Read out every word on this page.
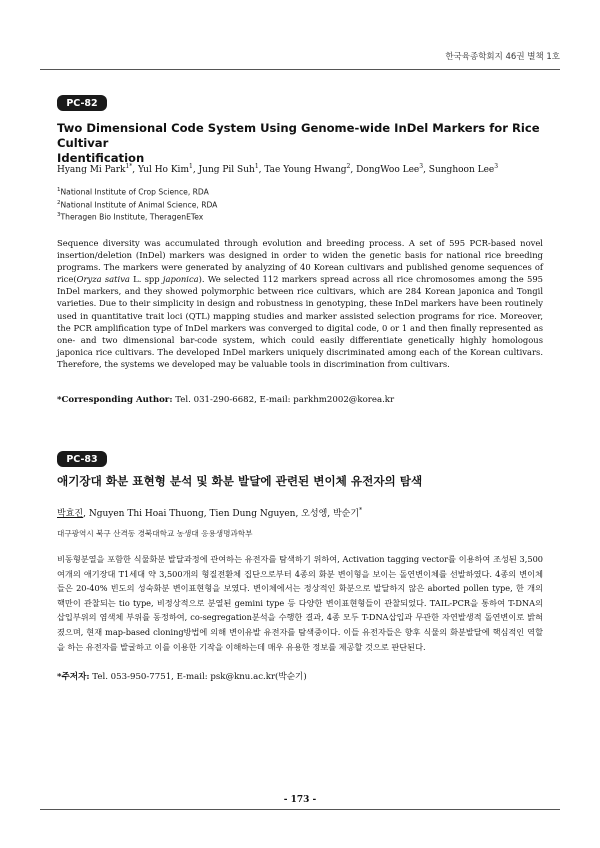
한국육종학회지 46권 별책 1호
PC-82
Two Dimensional Code System Using Genome-wide InDel Markers for Rice Cultivar
Identification
Hyang Mi Park$^{1*}$, Yul Ho Kim$^1$, Jung Pil Suh$^1$, Tae Young Hwang$^2$, DongWoo Lee$^3$, Sunghoon Lee$^3$
$^1$National Institute of Crop Science, RDA
$^2$National Institute of Animal Science, RDA
$^3$Theragen Bio Institute, TheragenETex
Sequence diversity was accumulated through evolution and breeding process. A set of 595 PCR-based novel insertion/deletion (InDel) markers was designed in order to widen the genetic basis for national rice breeding programs. The markers were generated by analyzing of 40 Korean cultivars and published genome sequences of rice(Oryza sativa L. spp japonica). We selected 112 markers spread across all rice chromosomes among the 595 InDel markers, and they showed polymorphic between rice cultivars, which are 284 Korean japonica and Tongil varieties. Due to their simplicity in design and robustness in genotyping, these InDel markers have been routinely used in quantitative trait loci (QTL) mapping studies and marker assisted selection programs for rice. Moreover, the PCR amplification type of InDel markers was converged to digital code, 0 or 1 and then finally represented as one- and two dimensional bar-code system, which could easily differentiate genetically highly homologous japonica rice cultivars. The developed InDel markers uniquely discriminated among each of the Korean cultivars. Therefore, the systems we developed may be valuable tools in discrimination from cultivars.
*Corresponding Author: Tel. 031-290-6682, E-mail: parkhm2002@korea.kr
PC-83
애기장대 화분 표현형 분석 및 화분 발달에 관련된 변이체 유전자의 탐색
박효진, Nguyen Thi Hoai Thuong, Tien Dung Nguyen, 오성엥, 박순기*
대구광역시 북구 산격동 경북대학교 농생대 응용생명과학부
비동형분열을 포함한 식물화분 발달과정에 관여하는 유전자를 탐색하기 위하여, Activation tagging vector를 이용하여 조성된 3,500여개의 애기장대 T1세대 약 3,500개의 형질전환체 집단으로부터 4종의 화분 변이형을 보이는 돌연변이체를 선발하였다. 4종의 변이체들은 20-40% 빈도의 성숙화분 변이표현형을 보였다. 변이체에서는 정상적인 화분으로 발달하지 않은 aborted pollen type, 한 개의 핵만이 관찰되는 tio type, 비정상적으로 분열된 gemini type 등 다양한 변이표현형들이 관찰되었다. TAIL-PCR을 통하여 T-DNA의 삽입부위의 염색체 부위를 동정하여, co-segregation분석을 수행한 결과, 4종 모두 T-DNA삽입과 무관한 자연발생적 돌연변이로 밝혀졌으며, 현재 map-based cloning방법에 의해 변이유발 유전자를 탐색중이다. 이들 유전자들은 향후 식물의 화분발달에 핵심적인 역할을 하는 유전자를 발굴하고 이를 이용한 기작을 이해하는데 매우 유용한 정보를 제공할 것으로 판단된다.
*주저자: Tel. 053-950-7751, E-mail: psk@knu.ac.kr(박순기)
- 173 -
